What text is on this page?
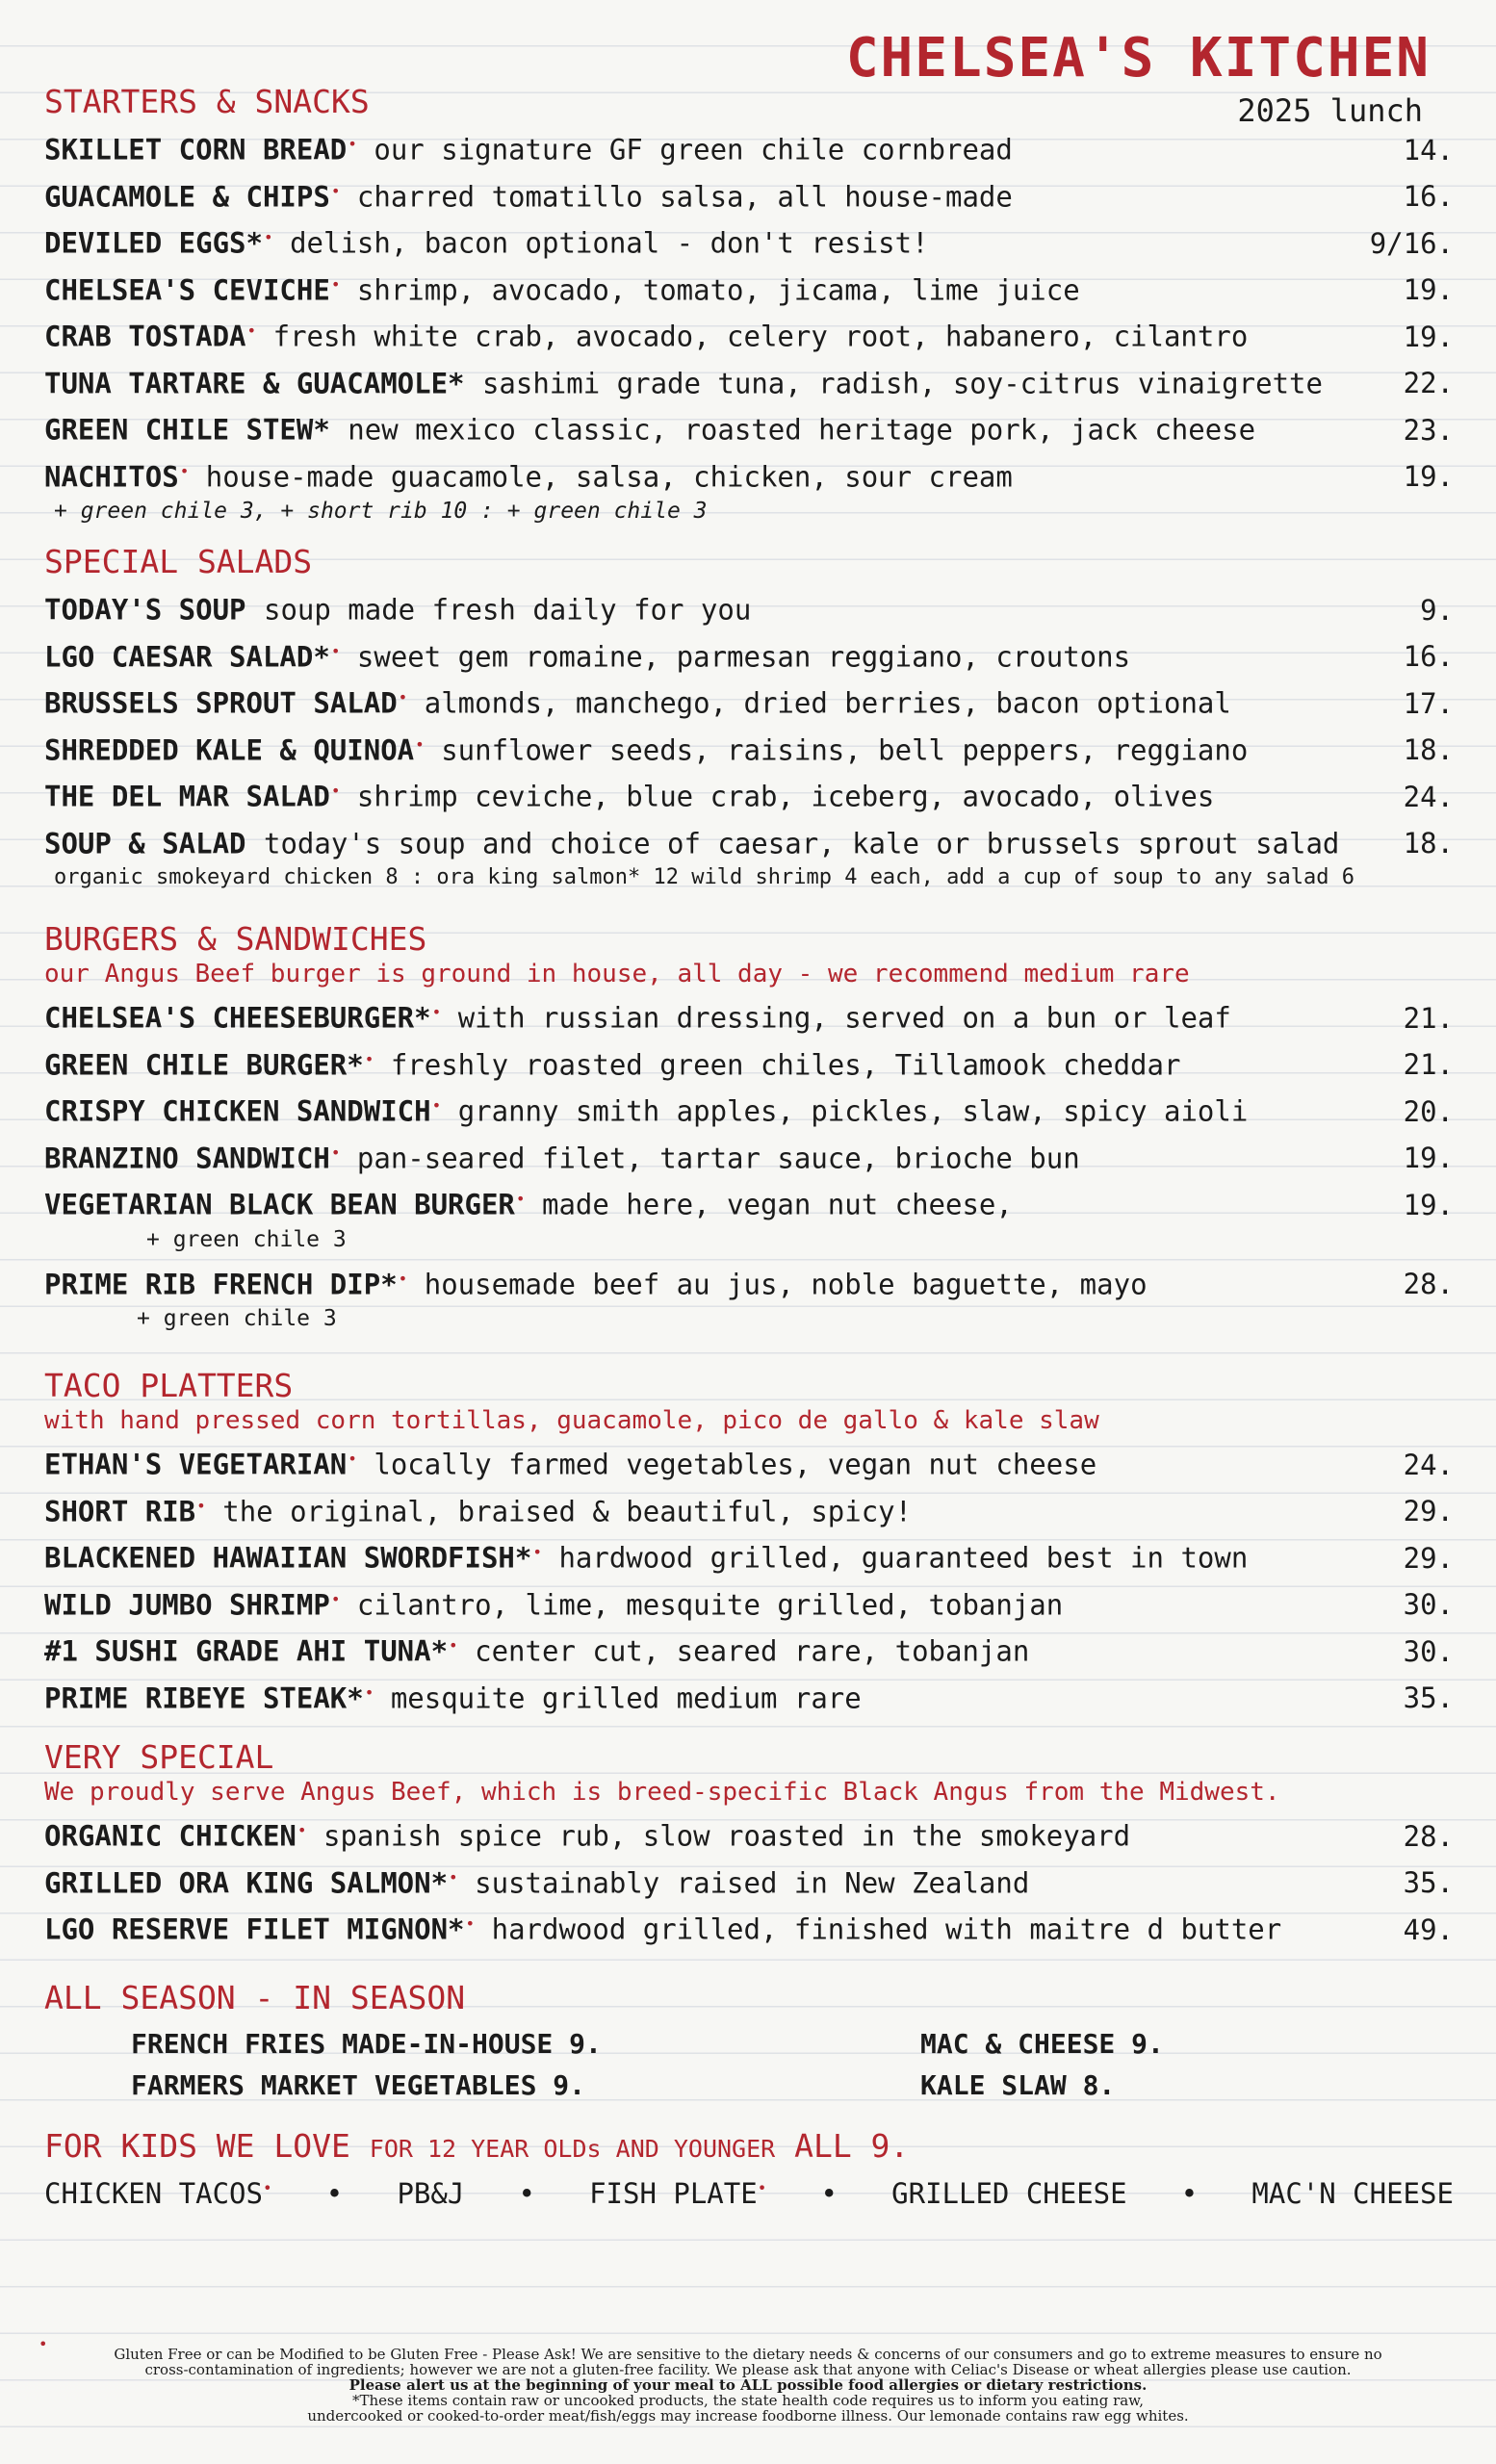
CHELSEA'S KITCHEN
2025 lunch
STARTERS & SNACKS
SKILLET CORN BREAD• our signature GF green chile cornbread	14.
GUACAMOLE & CHIPS• charred tomatillo salsa, all house-made	16.
DEVILED EGGS*• delish, bacon optional - don't resist!	9/16.
CHELSEA'S CEVICHE• shrimp, avocado, tomato, jicama, lime juice	19.
CRAB TOSTADA• fresh white crab, avocado, celery root, habanero, cilantro	19.
TUNA TARTARE & GUACAMOLE* sashimi grade tuna, radish, soy-citrus vinaigrette	22.
GREEN CHILE STEW* new mexico classic, roasted heritage pork, jack cheese	23.
NACHITOS• house-made guacamole, salsa, chicken, sour cream	19.
+ green chile 3, + short rib 10 : + green chile 3
SPECIAL SALADS
TODAY'S SOUP soup made fresh daily for you	9.
LGO CAESAR SALAD*• sweet gem romaine, parmesan reggiano, croutons	16.
BRUSSELS SPROUT SALAD• almonds, manchego, dried berries, bacon optional	17.
SHREDDED KALE & QUINOA• sunflower seeds, raisins, bell peppers, reggiano	18.
THE DEL MAR SALAD• shrimp ceviche, blue crab, iceberg, avocado, olives	24.
SOUP & SALAD today's soup and choice of caesar, kale or brussels sprout salad 18.
organic smokeyard chicken 8 : ora king salmon* 12 wild shrimp 4 each, add a cup of soup to any salad 6
BURGERS & SANDWICHES
our Angus Beef burger is ground in house, all day - we recommend medium rare
CHELSEA'S CHEESEBURGER*• with russian dressing, served on a bun or leaf	21.
GREEN CHILE BURGER*• freshly roasted green chiles, Tillamook cheddar	21.
CRISPY CHICKEN SANDWICH• granny smith apples, pickles, slaw, spicy aioli	20.
BRANZINO SANDWICH• pan-seared filet, tartar sauce, brioche bun	19.
VEGETARIAN BLACK BEAN BURGER• made here, vegan nut cheese,	19.
+ green chile 3
PRIME RIB FRENCH DIP*• housemade beef au jus, noble baguette, mayo	28.
+ green chile 3
TACO PLATTERS
with hand pressed corn tortillas, guacamole, pico de gallo & kale slaw
ETHAN'S VEGETARIAN• locally farmed vegetables, vegan nut cheese	24.
SHORT RIB• the original, braised & beautiful, spicy!	29.
BLACKENED HAWAIIAN SWORDFISH*• hardwood grilled, guaranteed best in town	29.
WILD JUMBO SHRIMP• cilantro, lime, mesquite grilled, tobanjan	30.
#1 SUSHI GRADE AHI TUNA*• center cut, seared rare, tobanjan	30.
PRIME RIBEYE STEAK*• mesquite grilled medium rare	35.
VERY SPECIAL
We proudly serve Angus Beef, which is breed-specific Black Angus from the Midwest.
ORGANIC CHICKEN• spanish spice rub, slow roasted in the smokeyard	28.
GRILLED ORA KING SALMON*• sustainably raised in New Zealand	35.
LGO RESERVE FILET MIGNON*• hardwood grilled, finished with maitre d butter	49.
ALL SEASON - IN SEASON
FRENCH FRIES MADE-IN-HOUSE 9.	MAC & CHEESE 9.
FARMERS MARKET VEGETABLES 9.	KALE SLAW 8.
FOR KIDS WE LOVE FOR 12 YEAR OLDs AND YOUNGER ALL 9.
CHICKEN TACOS• • PB&J • FISH PLATE• • GRILLED CHEESE • MAC'N CHEESE
•
Gluten Free or can be Modified to be Gluten Free - Please Ask! We are sensitive to the dietary needs & concerns of our consumers and go to extreme measures to ensure no
cross-contamination of ingredients; however we are not a gluten-free facility. We please ask that anyone with Celiac's Disease or wheat allergies please use caution.
Please alert us at the beginning of your meal to ALL possible food allergies or dietary restrictions.
*These items contain raw or uncooked products, the state health code requires us to inform you eating raw,
undercooked or cooked-to-order meat/fish/eggs may increase foodborne illness. Our lemonade contains raw egg whites.
